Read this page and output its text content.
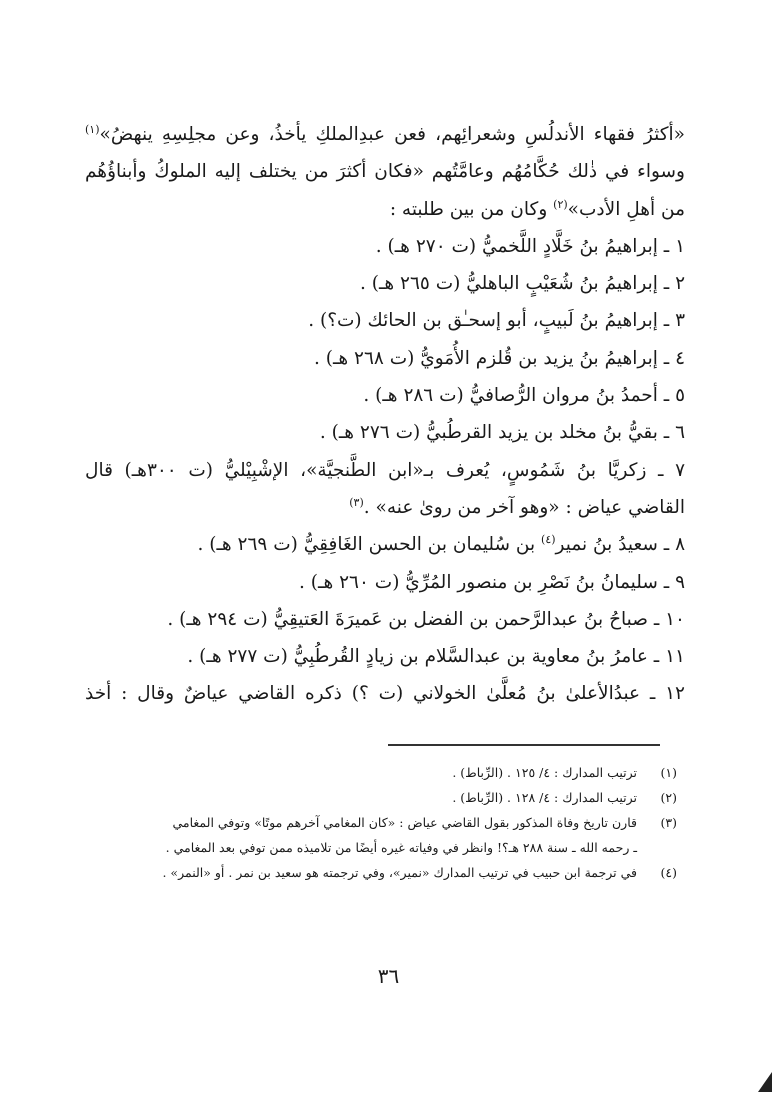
«أكثرُ فقهاء الأندلُسِ وشعرائِهم، فعن عبدِالملكِ يأخذُ، وعن مجلِسِهِ ينهضُ»$^{(١)}$
وسواء في ذٰلك حُكَّامُهُم وعامَّتُهم «فكان أكثرَ من يختلف إليه الملوكُ وأبناؤُهُم
من أهلِ الأدب»$^{(٢)}$ وكان من بين طلبته :
١ ـ إبراهيمُ بنُ خَلَّادٍ اللَّخميُّ (ت ٢٧٠ هـ) .
٢ ـ إبراهيمُ بنُ شُعَيْبٍ الباهليُّ (ت ٢٦٥ هـ) .
٣ ـ إبراهيمُ بنُ لَبيبٍ، أبو إسحـٰق بن الحائك (ت؟) .
٤ ـ إبراهيمُ بنُ يزيد بن قُلزم الأُمَويُّ (ت ٢٦٨ هـ) .
٥ ـ أحمدُ بنُ مروان الرُّصافيُّ (ت ٢٨٦ هـ) .
٦ ـ بقيُّ بنُ مخلد بن يزيد القرطُبيُّ (ت ٢٧٦ هـ) .
٧ ـ زكريَّا بنُ شَمُوسٍ، يُعرف بـ«ابن الطَّنجيَّة»، الإشْبِيْليُّ (ت ٣٠٠هـ) قال
القاضي عياض : «وهو آخر من روىٰ عنه» .$^{(٣)}$
٨ ـ سعيدُ بنُ نمير$^{(٤)}$ بن سُليمان بن الحسن الغَافِقِيُّ (ت ٢٦٩ هـ) .
٩ ـ سليمانُ بنُ نَصْرِ بن منصور المُرِّيُّ (ت ٢٦٠ هـ) .
١٠ ـ صباحُ بنُ عبدالرَّحمن بن الفضل بن عَميرَةَ العَتيقِيُّ (ت ٢٩٤ هـ) .
١١ ـ عامرُ بنُ معاوية بن عبدالسَّلام بن زيادٍ القُرطُبِيُّ (ت ٢٧٧ هـ) .
١٢ ـ عبدُالأعلىٰ بنُ مُعلَّىٰ الخولاني (ت ؟) ذكره القاضي عياضٌ وقال : أخذ
(١)
ترتيب المدارك : ٤/ ١٢٥ . (الرِّباط) .
(٢)
ترتيب المدارك : ٤/ ١٢٨ . (الرِّباط) .
(٣)
قارن تاريخ وفاة المذكور بقول القاضي عياض : «كان المغامي آخرهم موتًا» وتوفي المغامي
ـ رحمه الله ـ سنة ٢٨٨ هـ؟! وانظر في وفياته غيره أيضًا من تلاميذه ممن توفي بعد المغامي .
(٤)
في ترجمة ابن حبيب في ترتيب المدارك «نمير»، وفي ترجمته هو سعيد بن نمر . أو «النمر» .
٣٦
